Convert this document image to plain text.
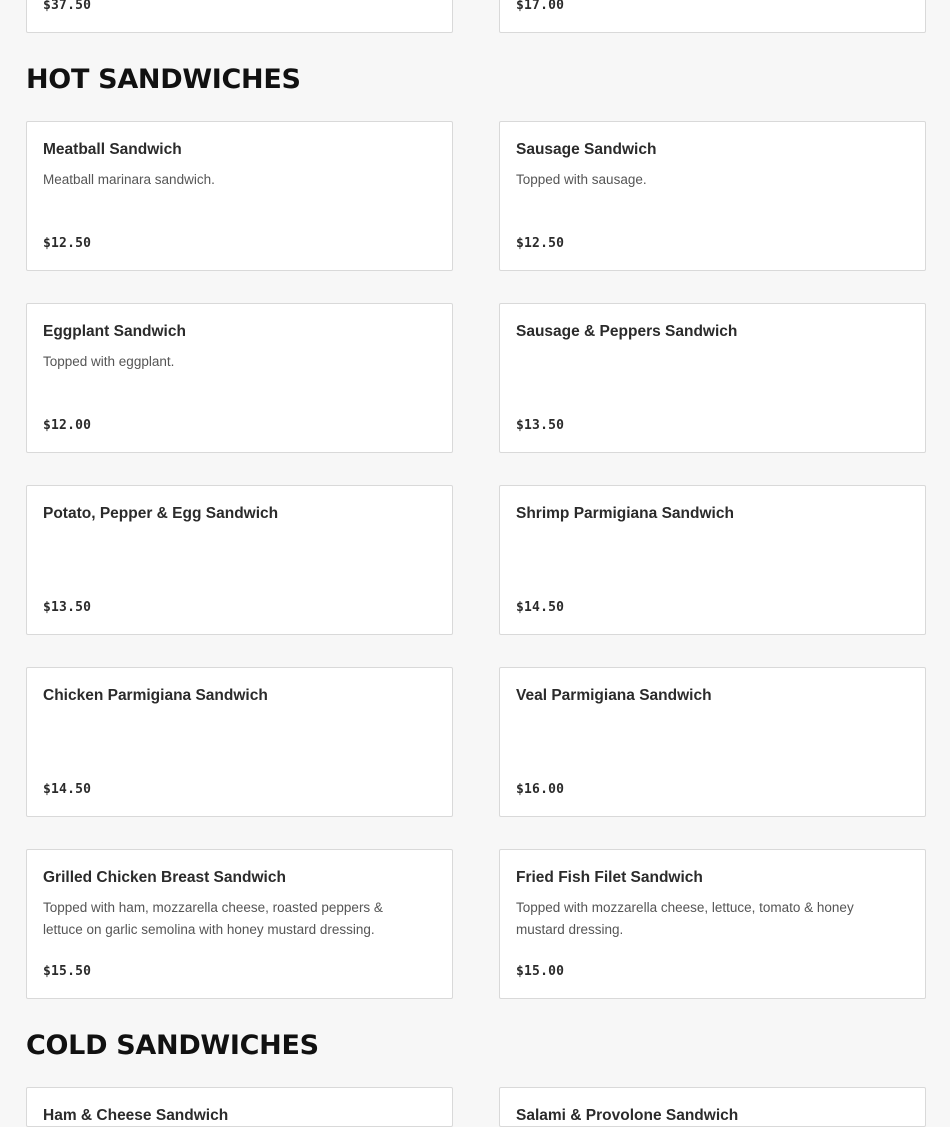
$37.50	$17.00
HOT SANDWICHES
Meatball Sandwich
Meatball marinara sandwich.
$12.50
Sausage Sandwich
Topped with sausage.
$12.50
Eggplant Sandwich
Topped with eggplant.
$12.00
Sausage & Peppers Sandwich
$13.50
Potato, Pepper & Egg Sandwich
$13.50
Shrimp Parmigiana Sandwich
$14.50
Chicken Parmigiana Sandwich
$14.50
Veal Parmigiana Sandwich
$16.00
Grilled Chicken Breast Sandwich
Topped with ham, mozzarella cheese, roasted peppers & lettuce on garlic semolina with honey mustard dressing.
$15.50
Fried Fish Filet Sandwich
Topped with mozzarella cheese, lettuce, tomato & honey mustard dressing.
$15.00
COLD SANDWICHES
Ham & Cheese Sandwich	Salami & Provolone Sandwich
